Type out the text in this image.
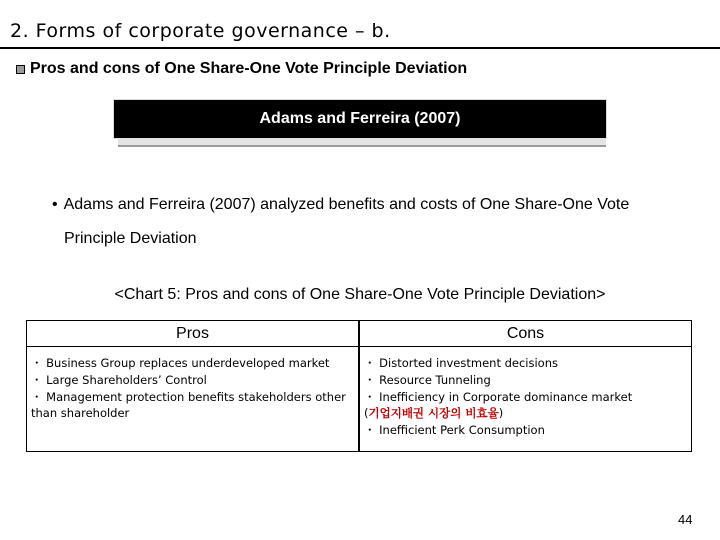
2. Forms of corporate governance – b.
Pros and cons of One Share-One Vote Principle Deviation
Adams and Ferreira (2007)
• Adams and Ferreira (2007) analyzed benefits and costs of One Share-One Vote
Principle Deviation
<Chart 5: Pros and cons of One Share-One Vote Principle Deviation>
Pros
・ Business Group replaces underdeveloped market
・ Large Shareholders’ Control
・ Management protection benefits stakeholders other than shareholder
Cons
・ Distorted investment decisions
・ Resource Tunneling
・ Inefficiency in Corporate dominance market
(기업지배권 시장의 비효율)
・ Inefficient Perk Consumption
44
